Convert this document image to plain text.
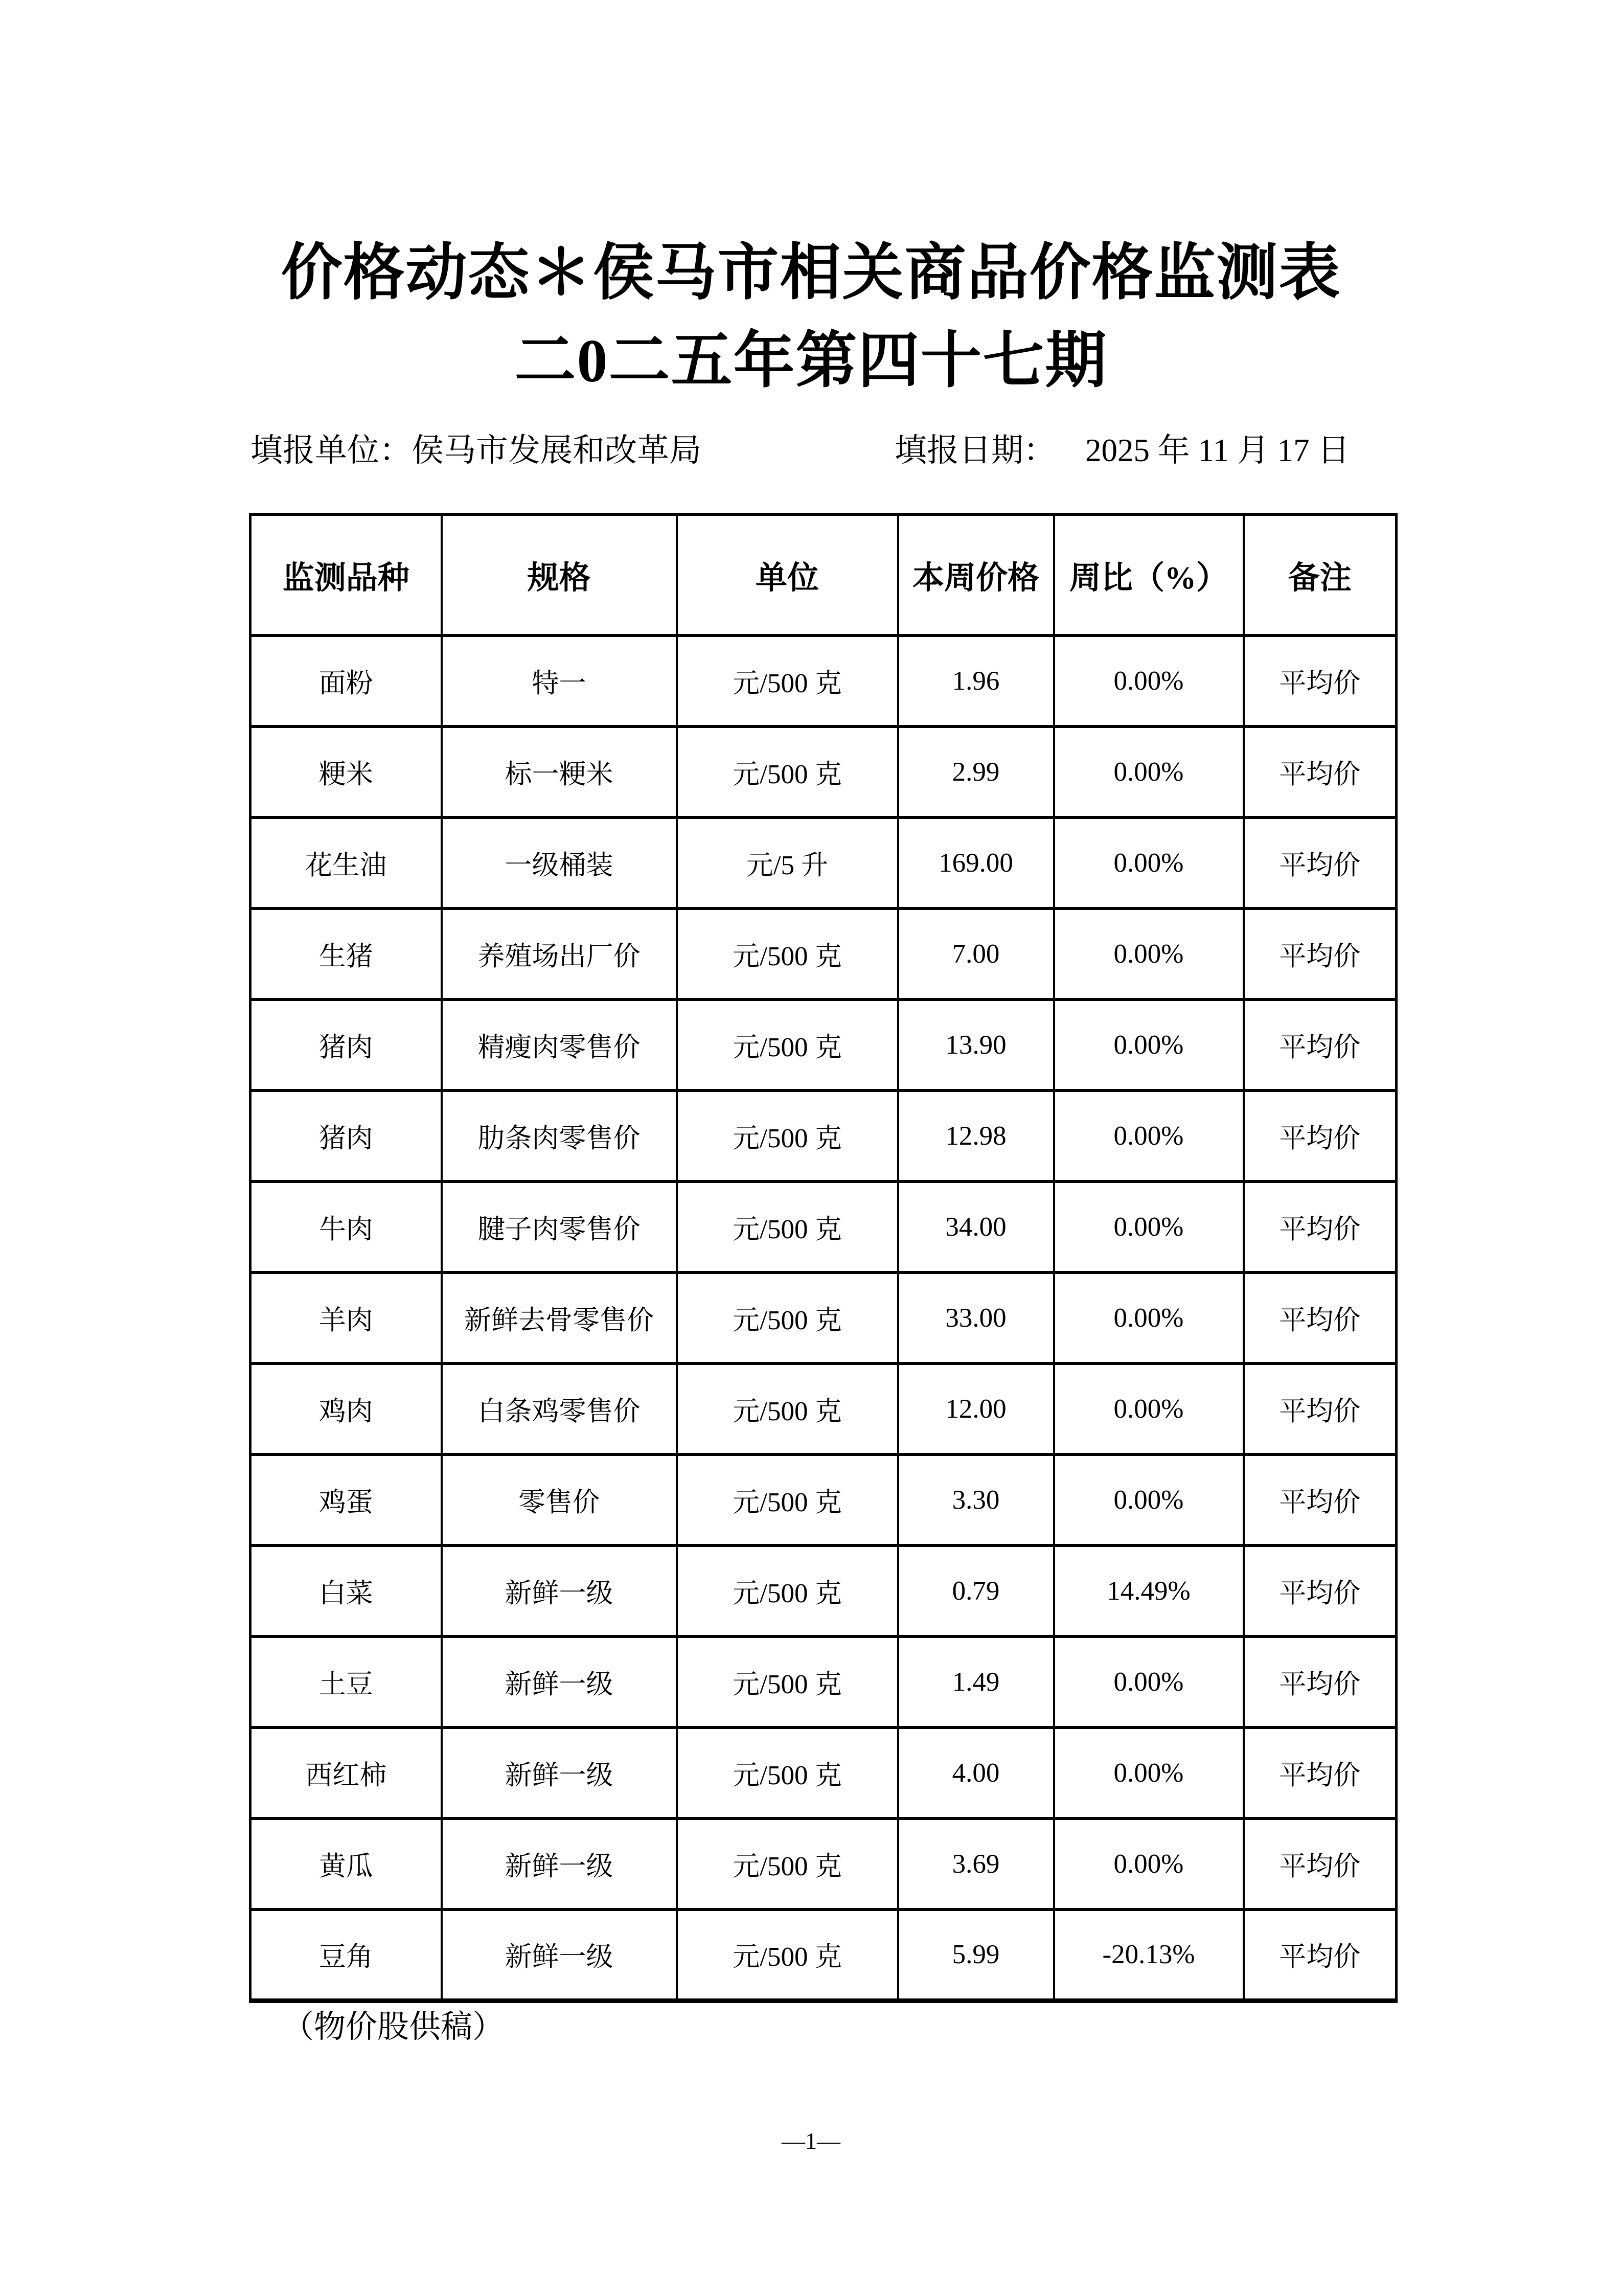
价格动态＊侯马市相关商品价格监测表
二0二五年第四十七期
填报单位：侯马市发展和改革局	填报日期： 2025 年 11 月 17 日
监测品种	规格	单位	本周价格	周比（%）	备注
面粉	特一	元/500 克	1.96	0.00%	平均价
粳米	标一粳米	元/500 克	2.99	0.00%	平均价
花生油	一级桶装	元/5 升	169.00	0.00%	平均价
生猪	养殖场出厂价	元/500 克	7.00	0.00%	平均价
猪肉	精瘦肉零售价	元/500 克	13.90	0.00%	平均价
猪肉	肋条肉零售价	元/500 克	12.98	0.00%	平均价
牛肉	腱子肉零售价	元/500 克	34.00	0.00%	平均价
羊肉	新鲜去骨零售价	元/500 克	33.00	0.00%	平均价
鸡肉	白条鸡零售价	元/500 克	12.00	0.00%	平均价
鸡蛋	零售价	元/500 克	3.30	0.00%	平均价
白菜	新鲜一级	元/500 克	0.79	14.49%	平均价
土豆	新鲜一级	元/500 克	1.49	0.00%	平均价
西红柿	新鲜一级	元/500 克	4.00	0.00%	平均价
黄瓜	新鲜一级	元/500 克	3.69	0.00%	平均价
豆角	新鲜一级	元/500 克	5.99	-20.13%	平均价
（物价股供稿）
—1—
